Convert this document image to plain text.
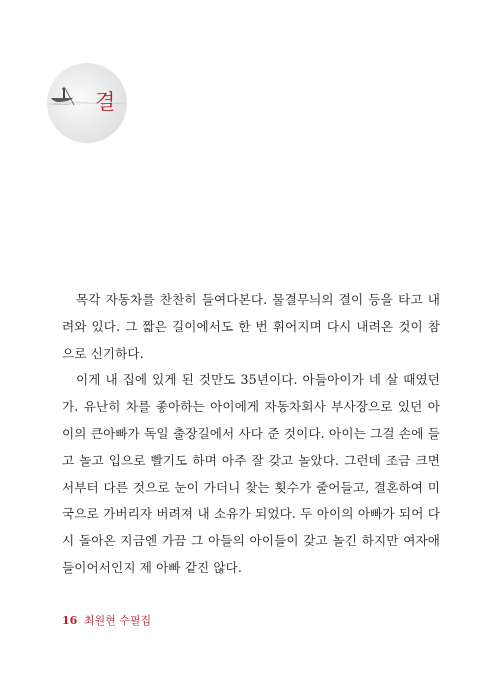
결

목각 자동차를 찬찬히 들여다본다. 물결무늬의 결이 등을 타고 내려와 있다. 그 짧은 길이에서도 한 번 휘어지며 다시 내려온 것이 참으로 신기하다.

이게 내 집에 있게 된 것만도 35년이다. 아들아이가 네 살 때였던가. 유난히 차를 좋아하는 아이에게 자동차회사 부사장으로 있던 아이의 큰아빠가 독일 출장길에서 사다 준 것이다. 아이는 그걸 손에 들고 놀고 입으로 빨기도 하며 아주 잘 갖고 놀았다. 그런데 조금 크면서부터 다른 것으로 눈이 가더니 찾는 횟수가 줄어들고, 결혼하여 미국으로 가버리자 버려져 내 소유가 되었다. 두 아이의 아빠가 되어 다시 돌아온 지금엔 가끔 그 아들의 아이들이 갖고 놀긴 하지만 여자애들이어서인지 제 아빠 같진 않다.

16 최원현 수필집
